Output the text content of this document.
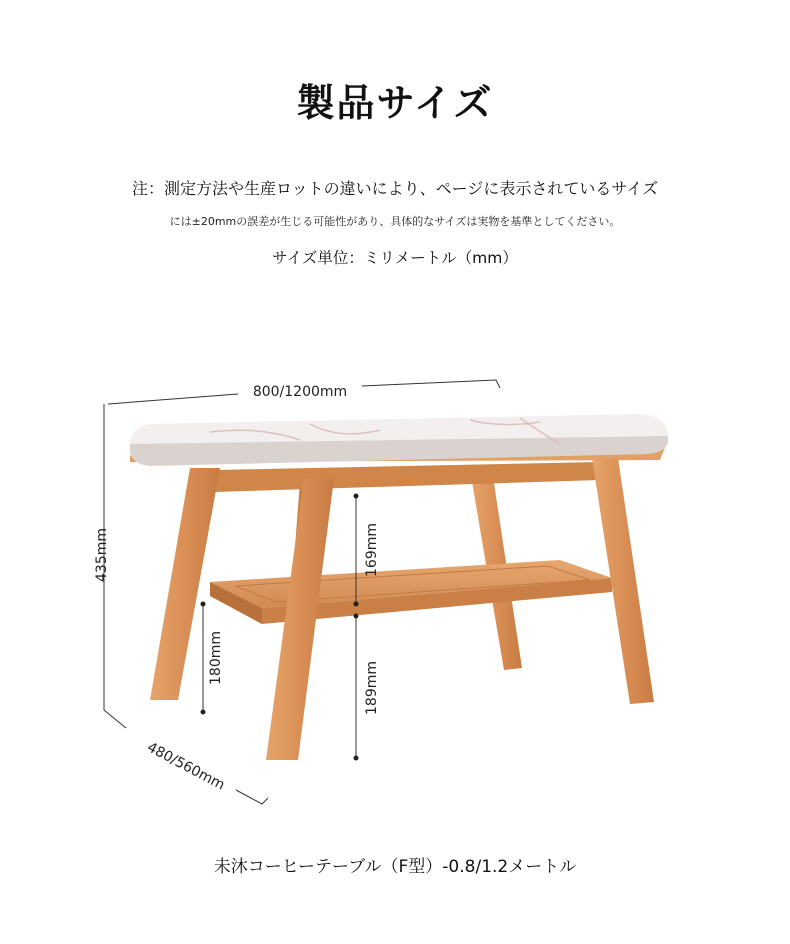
製品サイズ
注：測定方法や生産ロットの違いにより、ページに表示されているサイズ
には±20mmの誤差が生じる可能性があり、具体的なサイズは実物を基準としてください。
サイズ単位：ミリメートル（mm）
800/1200mm
435mm
480/560mm
169mm
180mm
189mm
未沐コーヒーテーブル（F型）-0.8/1.2メートル
